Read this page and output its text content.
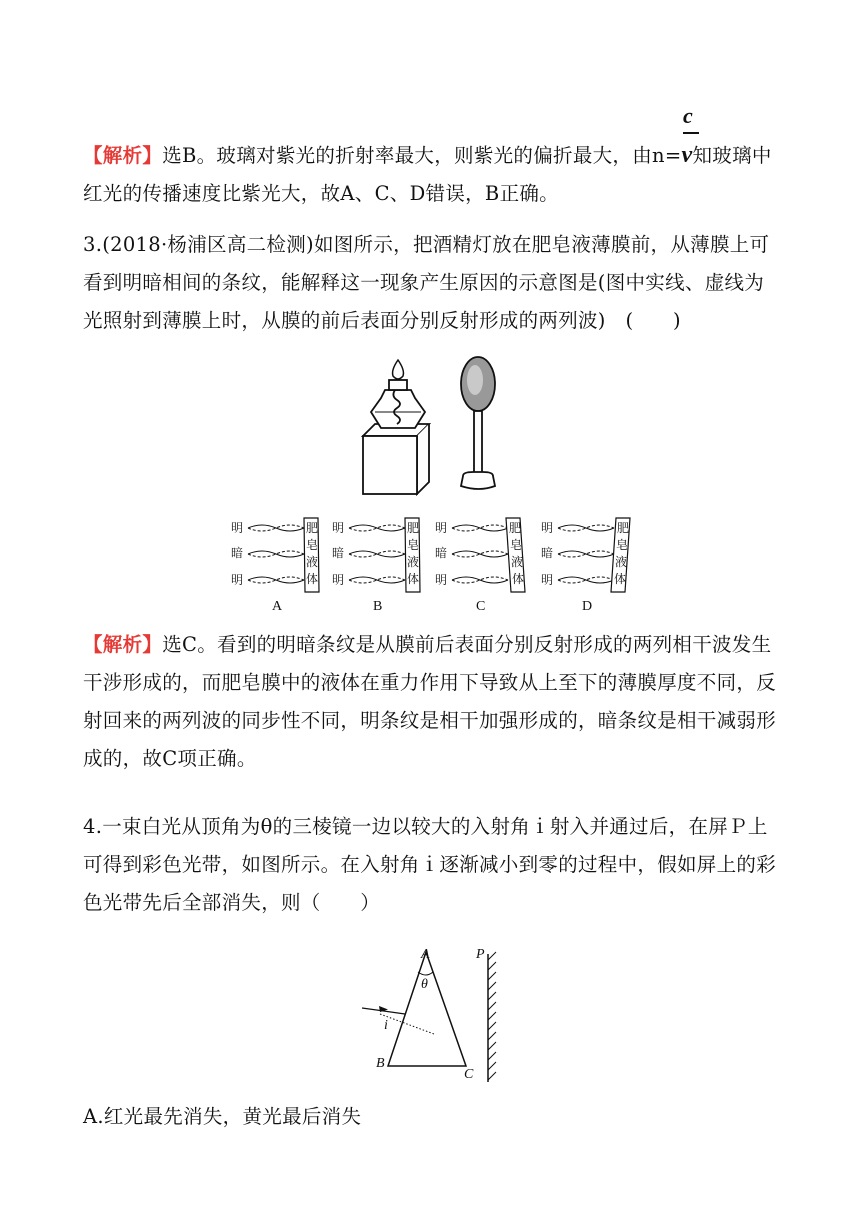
c
【解析】选B。玻璃对紫光的折射率最大，则紫光的偏折最大，由n=v知玻璃中
红光的传播速度比紫光大，故A、C、D错误，B正确。
3.(2018·杨浦区高二检测)如图所示，把酒精灯放在肥皂液薄膜前，从薄膜上可看到明暗相间的条纹，能解释这一现象产生原因的示意图是(图中实线、虚线为光照射到薄膜上时，从膜的前后表面分别反射形成的两列波)　(　　)
明
暗
明
肥
皂
液
体
A
明
暗
明
肥
皂
液
体
B
明
暗
明
肥
皂
液
体
C
明
暗
明
肥
皂
液
体
D
【解析】选C。看到的明暗条纹是从膜前后表面分别反射形成的两列相干波发生干涉形成的，而肥皂膜中的液体在重力作用下导致从上至下的薄膜厚度不同，反射回来的两列波的同步性不同，明条纹是相干加强形成的，暗条纹是相干减弱形成的，故C项正确。
4.一束白光从顶角为θ的三棱镜一边以较大的入射角ｉ射入并通过后，在屏Ｐ上可得到彩色光带，如图所示。在入射角ｉ逐渐减小到零的过程中，假如屏上的彩色光带先后全部消失，则（　　）
A
B
C
P
θ
i
A.红光最先消失，黄光最后消失
